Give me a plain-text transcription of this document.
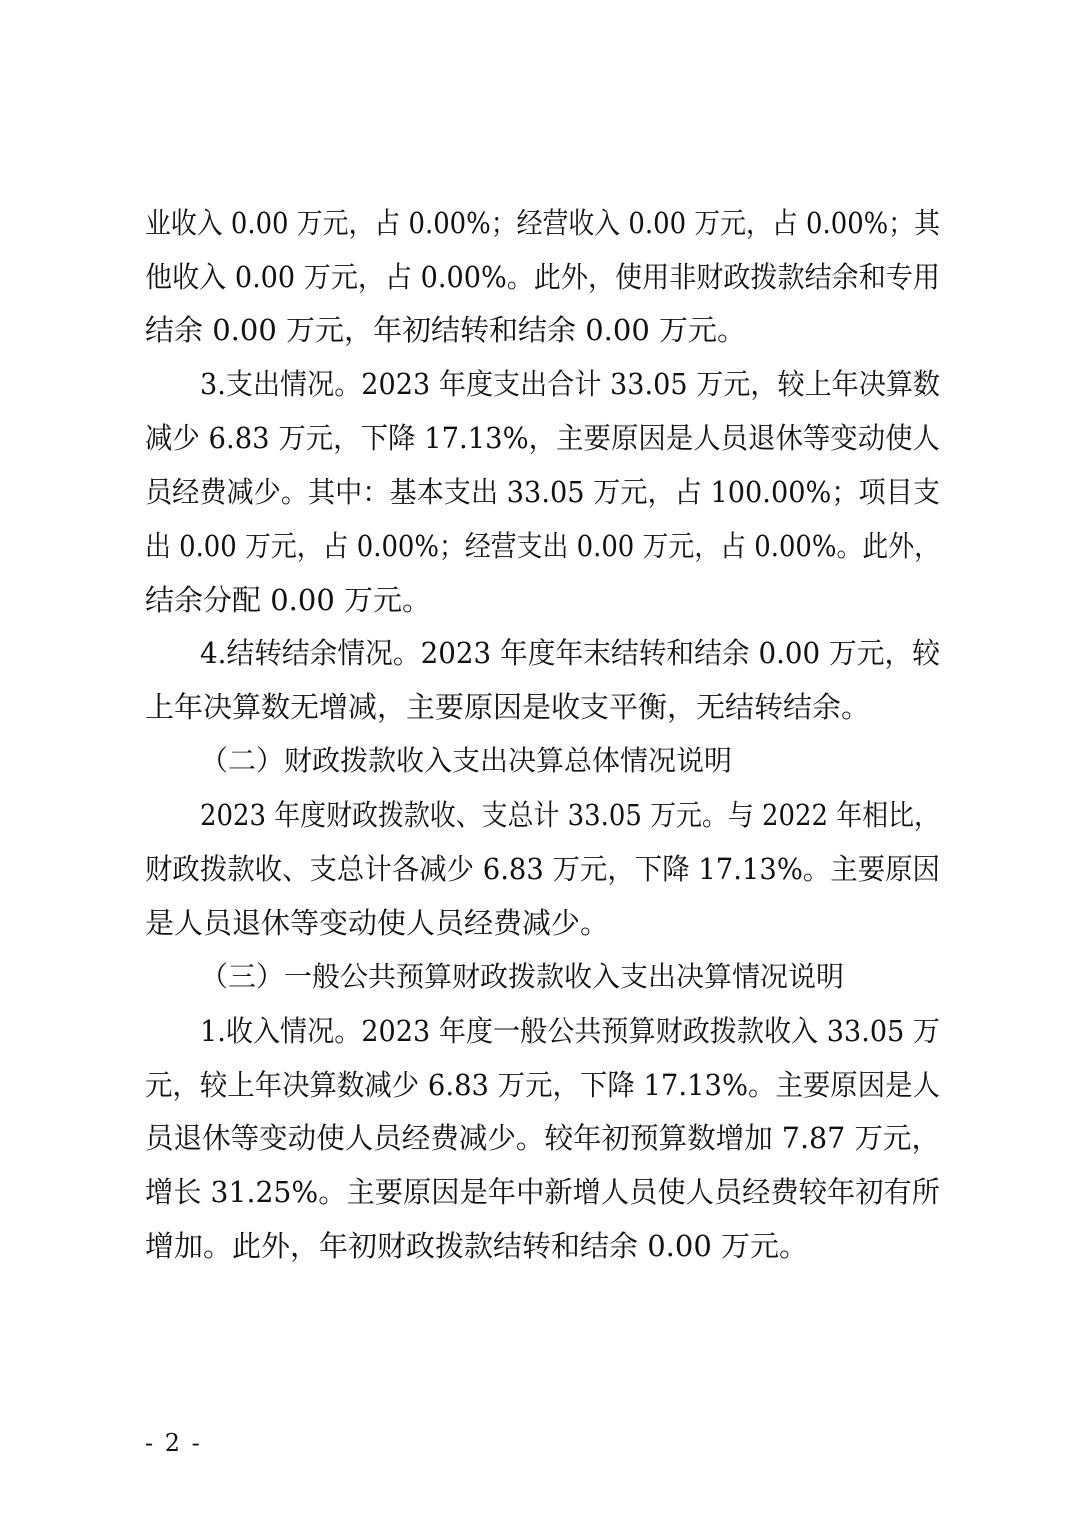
业收入 0.00 万元，占 0.00%；经营收入 0.00 万元，占 0.00%；其
他收入 0.00 万元，占 0.00%。此外，使用非财政拨款结余和专用
结余 0.00 万元，年初结转和结余 0.00 万元。
3.支出情况。2023 年度支出合计 33.05 万元，较上年决算数
减少 6.83 万元，下降 17.13%，主要原因是人员退休等变动使人
员经费减少。其中：基本支出 33.05 万元，占 100.00%；项目支
出 0.00 万元，占 0.00%；经营支出 0.00 万元，占 0.00%。此外，
结余分配 0.00 万元。
4.结转结余情况。2023 年度年末结转和结余 0.00 万元，较
上年决算数无增减，主要原因是收支平衡，无结转结余。
（二）财政拨款收入支出决算总体情况说明
2023 年度财政拨款收、支总计 33.05 万元。与 2022 年相比，
财政拨款收、支总计各减少 6.83 万元，下降 17.13%。主要原因
是人员退休等变动使人员经费减少。
（三）一般公共预算财政拨款收入支出决算情况说明
1.收入情况。2023 年度一般公共预算财政拨款收入 33.05 万
元，较上年决算数减少 6.83 万元，下降 17.13%。主要原因是人
员退休等变动使人员经费减少。较年初预算数增加 7.87 万元，
增长 31.25%。主要原因是年中新增人员使人员经费较年初有所
增加。此外，年初财政拨款结转和结余 0.00 万元。
- 2 -
